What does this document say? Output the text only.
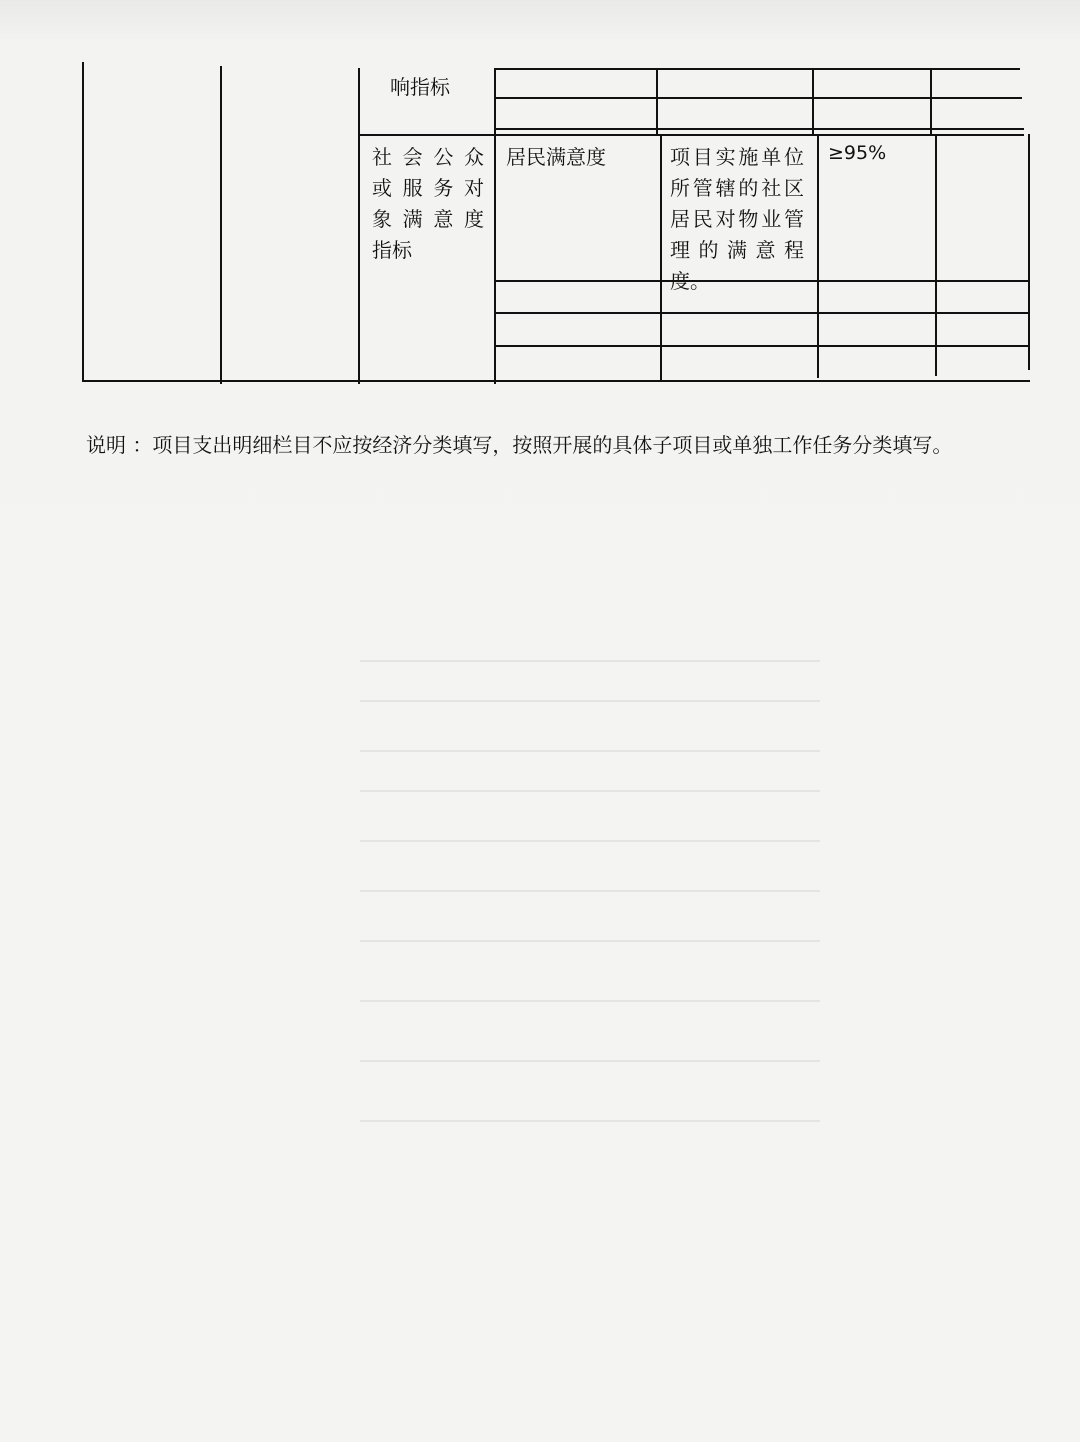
响指标
社会公众
或服务对
象满意度
指标
居民满意度	项目实施单位
所管辖的社区
居民对物业管
理的满意程
度。
≥95%
说明 ：项目支出明细栏目不应按经济分类填写，按照开展的具体子项目或单独工作任务分类填写。
